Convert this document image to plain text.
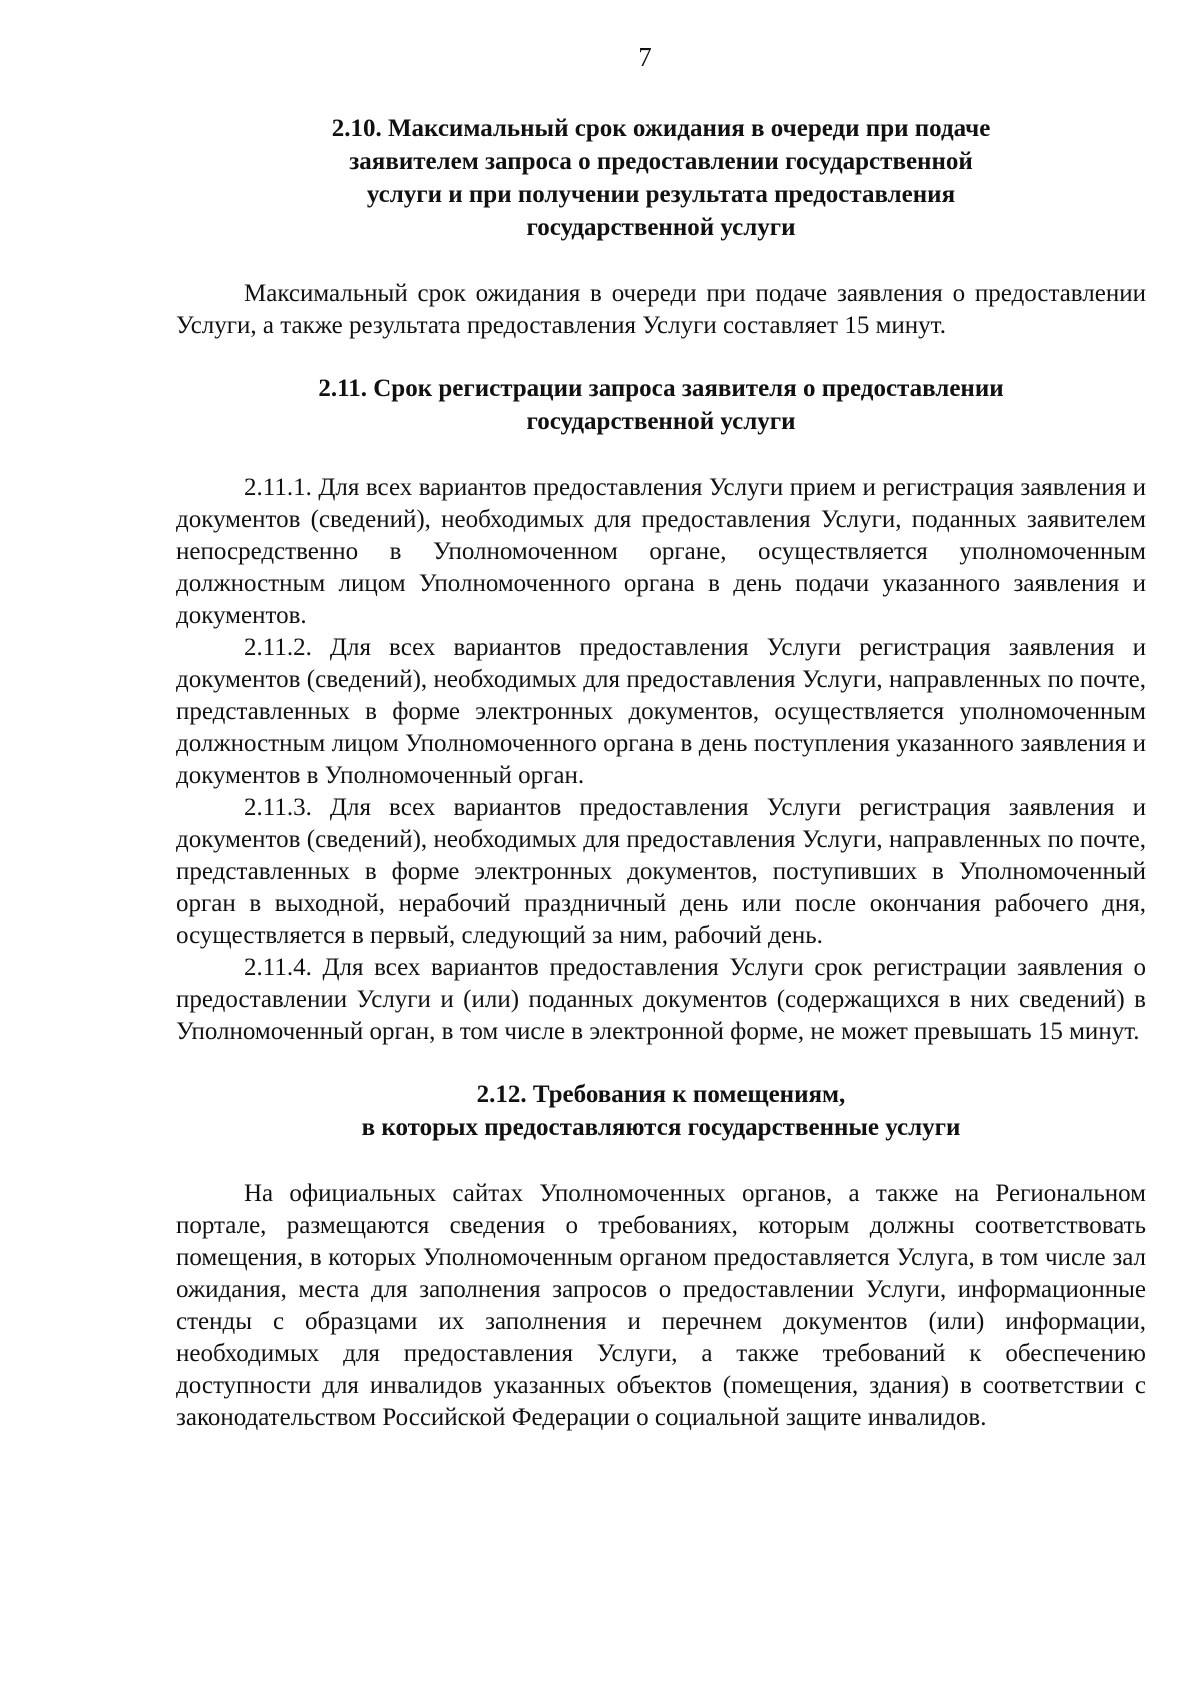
7
2.10. Максимальный срок ожидания в очереди при подаче
заявителем запроса о предоставлении государственной
услуги и при получении результата предоставления
государственной услуги

Максимальный срок ожидания в очереди при подаче заявления о предоставлении Услуги, а также результата предоставления Услуги составляет 15 минут.

2.11. Срок регистрации запроса заявителя о предоставлении
государственной услуги

2.11.1. Для всех вариантов предоставления Услуги прием и регистрация заявления и документов (сведений), необходимых для предоставления Услуги, поданных заявителем непосредственно в Уполномоченном органе, осуществляется уполномоченным должностным лицом Уполномоченного органа в день подачи указанного заявления и документов.

2.11.2. Для всех вариантов предоставления Услуги регистрация заявления и документов (сведений), необходимых для предоставления Услуги, направленных по почте, представленных в форме электронных документов, осуществляется уполномоченным должностным лицом Уполномоченного органа в день поступления указанного заявления и документов в Уполномоченный орган.

2.11.3. Для всех вариантов предоставления Услуги регистрация заявления и документов (сведений), необходимых для предоставления Услуги, направленных по почте, представленных в форме электронных документов, поступивших в Уполномоченный орган в выходной, нерабочий праздничный день или после окончания рабочего дня, осуществляется в первый, следующий за ним, рабочий день.

2.11.4. Для всех вариантов предоставления Услуги срок регистрации заявления о предоставлении Услуги и (или) поданных документов (содержащихся в них сведений) в Уполномоченный орган, в том числе в электронной форме, не может превышать 15 минут.

2.12. Требования к помещениям,
в которых предоставляются государственные услуги

На официальных сайтах Уполномоченных органов, а также на Региональном портале, размещаются сведения о требованиях, которым должны соответствовать помещения, в которых Уполномоченным органом предоставляется Услуга, в том числе зал ожидания, места для заполнения запросов о предоставлении Услуги, информационные стенды с образцами их заполнения и перечнем документов (или) информации, необходимых для предоставления Услуги, а также требований к обеспечению доступности для инвалидов указанных объектов (помещения, здания) в соответствии с законодательством Российской Федерации о социальной защите инвалидов.
